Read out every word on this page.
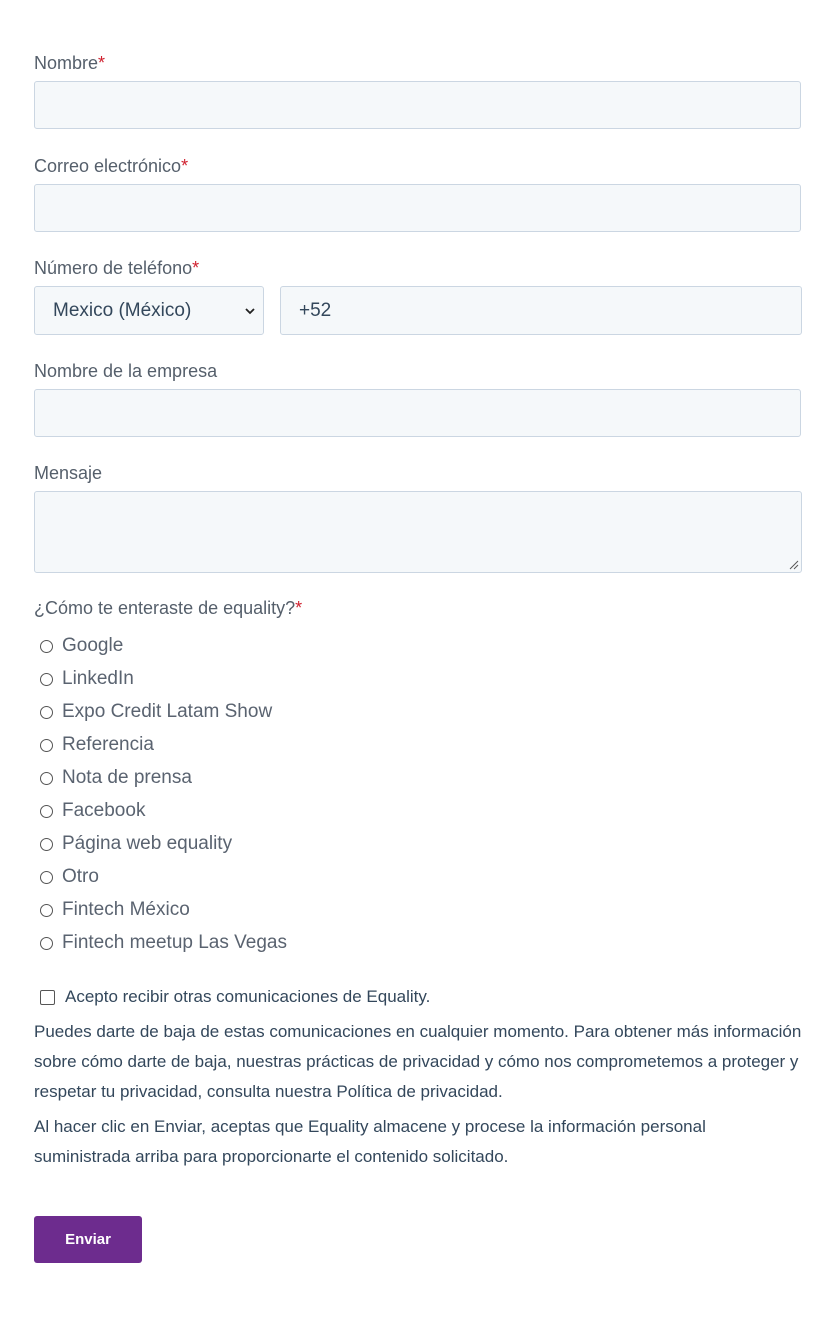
Nombre*
Correo electrónico*
Número de teléfono*
Mexico (México)
+52
Nombre de la empresa
Mensaje
¿Cómo te enteraste de equality?*
Google
LinkedIn
Expo Credit Latam Show
Referencia
Nota de prensa
Facebook
Página web equality
Otro
Fintech México
Fintech meetup Las Vegas
Acepto recibir otras comunicaciones de Equality.
Puedes darte de baja de estas comunicaciones en cualquier momento. Para obtener más información sobre cómo darte de baja, nuestras prácticas de privacidad y cómo nos comprometemos a proteger y respetar tu privacidad, consulta nuestra Política de privacidad.
Al hacer clic en Enviar, aceptas que Equality almacene y procese la información personal suministrada arriba para proporcionarte el contenido solicitado.
Enviar
